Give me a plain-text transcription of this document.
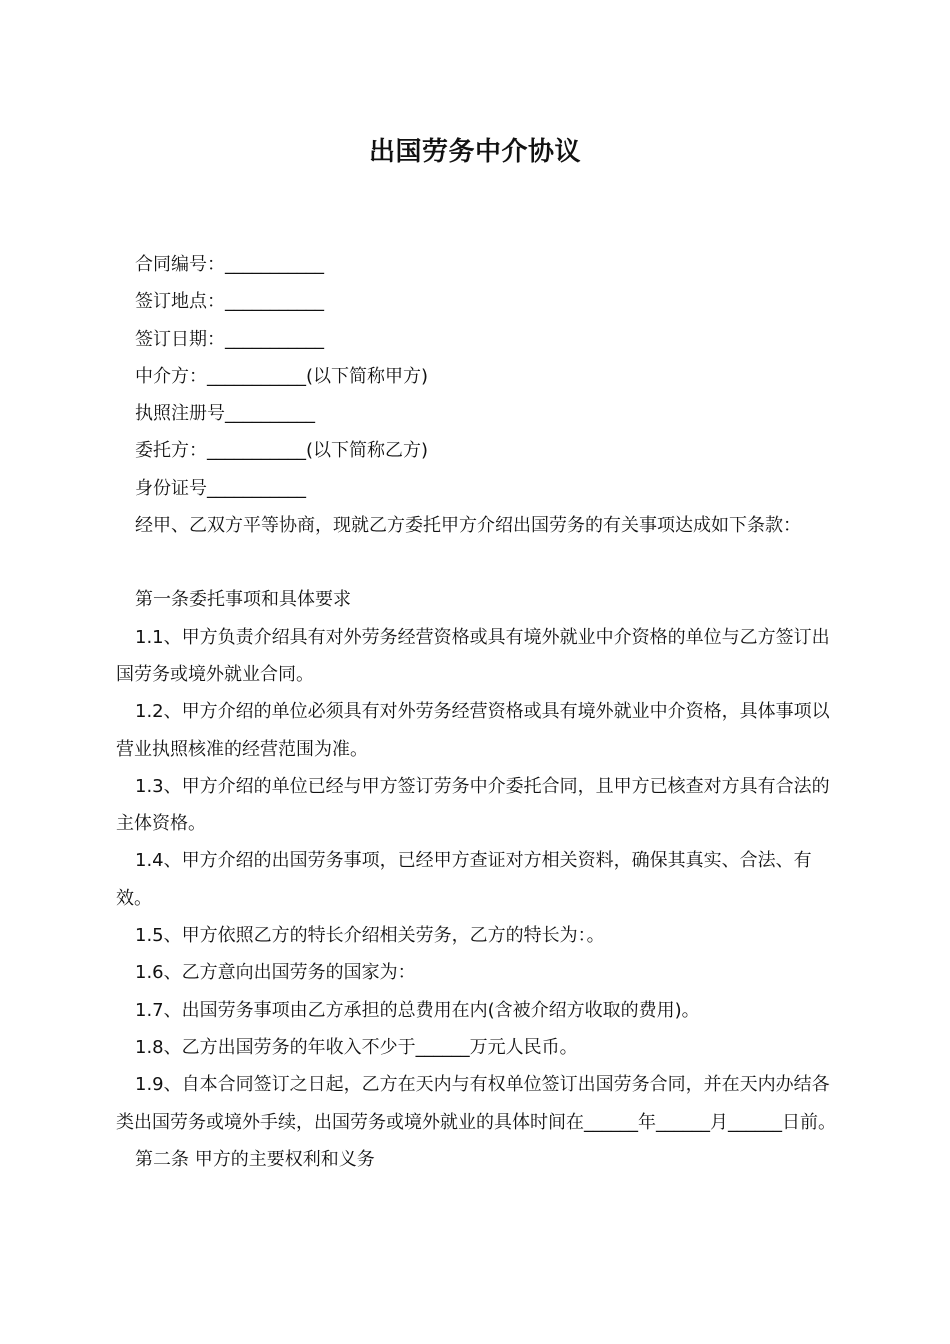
出国劳务中介协议

合同编号：___________

签订地点：___________

签订日期：___________

中介方：___________(以下简称甲方)

执照注册号__________

委托方：___________(以下简称乙方)

身份证号___________

经甲、乙双方平等协商，现就乙方委托甲方介绍出国劳务的有关事项达成如下条款：

第一条委托事项和具体要求

1.1、甲方负责介绍具有对外劳务经营资格或具有境外就业中介资格的单位与乙方签订出国劳务或境外就业合同。

1.2、甲方介绍的单位必须具有对外劳务经营资格或具有境外就业中介资格，具体事项以营业执照核准的经营范围为准。

1.3、甲方介绍的单位已经与甲方签订劳务中介委托合同，且甲方已核查对方具有合法的主体资格。

1.4、甲方介绍的出国劳务事项，已经甲方查证对方相关资料，确保其真实、合法、有效。

1.5、甲方依照乙方的特长介绍相关劳务，乙方的特长为：。

1.6、乙方意向出国劳务的国家为：

1.7、出国劳务事项由乙方承担的总费用在内(含被介绍方收取的费用)。

1.8、乙方出国劳务的年收入不少于______万元人民币。

1.9、自本合同签订之日起，乙方在天内与有权单位签订出国劳务合同，并在天内办结各类出国劳务或境外手续，出国劳务或境外就业的具体时间在______年______月______日前。

第二条 甲方的主要权利和义务
